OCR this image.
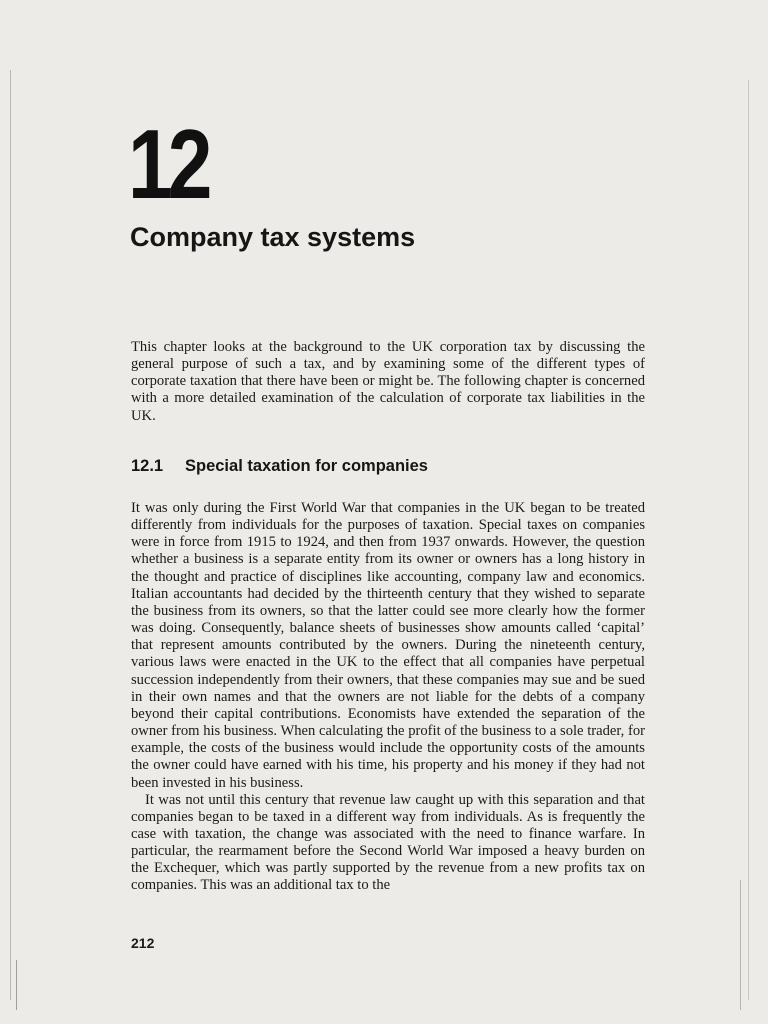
12
Company tax systems

This chapter looks at the background to the UK corporation tax by discussing the general purpose of such a tax, and by examining some of the different types of corporate taxation that there have been or might be. The following chapter is concerned with a more detailed examination of the calculation of corporate tax liabilities in the UK.

12.1 Special taxation for companies

It was only during the First World War that companies in the UK began to be treated differently from individuals for the purposes of taxation. Special taxes on companies were in force from 1915 to 1924, and then from 1937 onwards. However, the question whether a business is a separate entity from its owner or owners has a long history in the thought and practice of disciplines like accounting, company law and economics. Italian accountants had decided by the thirteenth century that they wished to separate the business from its owners, so that the latter could see more clearly how the former was doing. Consequently, balance sheets of businesses show amounts called ‘capital’ that represent amounts contributed by the owners. During the nineteenth century, various laws were enacted in the UK to the effect that all companies have perpetual succession independently from their owners, that these companies may sue and be sued in their own names and that the owners are not liable for the debts of a company beyond their capital contributions. Economists have extended the separation of the owner from his business. When calculating the profit of the business to a sole trader, for example, the costs of the business would include the opportunity costs of the amounts the owner could have earned with his time, his property and his money if they had not been invested in his business.

It was not until this century that revenue law caught up with this separation and that companies began to be taxed in a different way from individuals. As is frequently the case with taxation, the change was associated with the need to finance warfare. In particular, the rearmament before the Second World War imposed a heavy burden on the Exchequer, which was partly supported by the revenue from a new profits tax on companies. This was an additional tax to the

212
